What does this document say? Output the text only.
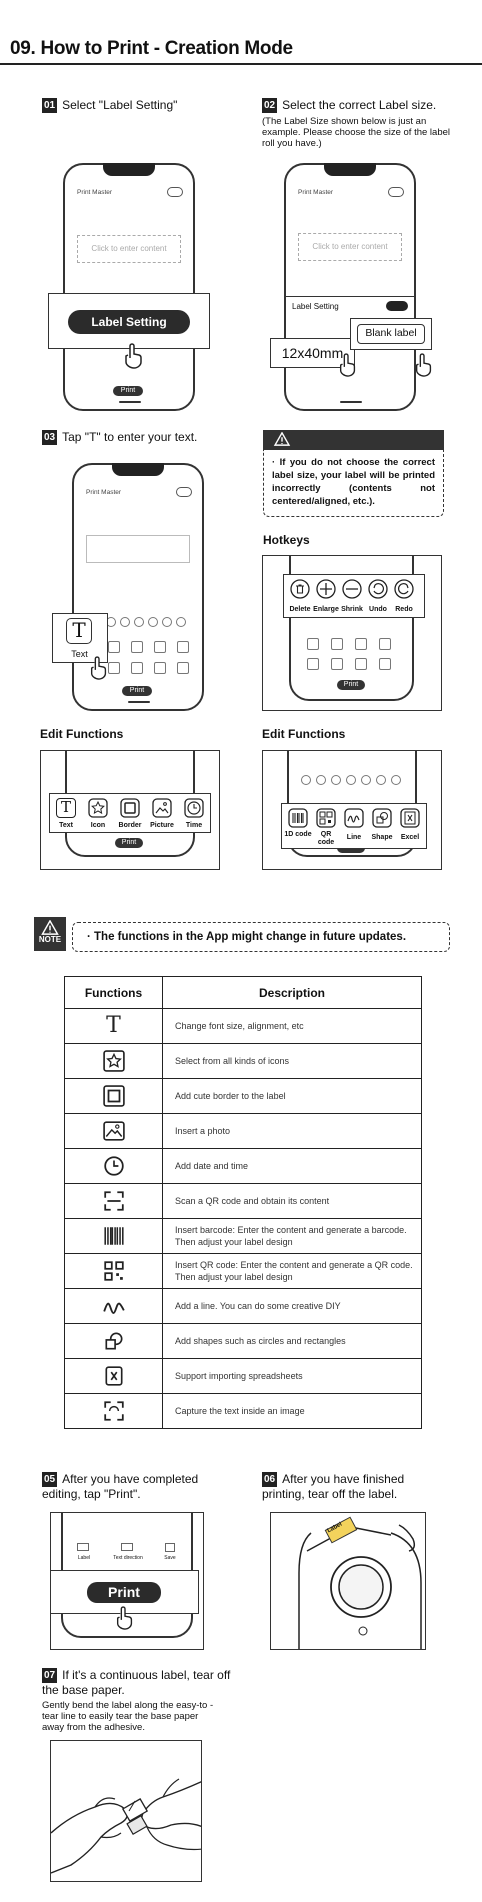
09. How to Print - Creation Mode
01 Select "Label Setting"
Print Master
Click to enter content
Print
Label Setting
02 Select the correct Label size.
(The Label Size shown below is just an example. Please choose the size of the label roll you have.)
Print Master
Click to enter content
Label Setting
12x40mm
Blank label
03 Tap "T" to enter your text.
Print Master
Print
T
Text
· If you do not choose the correct label size, your label will be printed incorrectly (contents not centered/aligned, etc.).
Hotkeys
Print
Delete Enlarge Shrink Undo	Redo
Edit Functions
Print
T
Text	Icon	Border	Picture	Time
Edit Functions
1D code	QR code
Line	Shape	Excel
NOTE	· The functions in the App might change in future updates.
Functions	Description

T	Change font size, alignment, etc

	Select from all kinds of icons

	Add cute border to the label

	Insert a photo

	Add date and time

	Scan a QR code and obtain its content

	Insert barcode: Enter the content and generate a barcode. Then adjust your label design

	Insert QR code: Enter the content and generate a QR code. Then adjust your label design

	Add a line. You can do some creative DIY

	Add shapes such as circles and rectangles

	Support importing spreadsheets

	Capture the text inside an image
05 After you have completed editing, tap "Print".
Label	Text direction	Save
Print
06 After you have finished printing, tear off the label.
Label
07 If it's a continuous label, tear off the base paper.
Gently bend the label along the easy-to -tear line to easily tear the base paper away from the adhesive.
